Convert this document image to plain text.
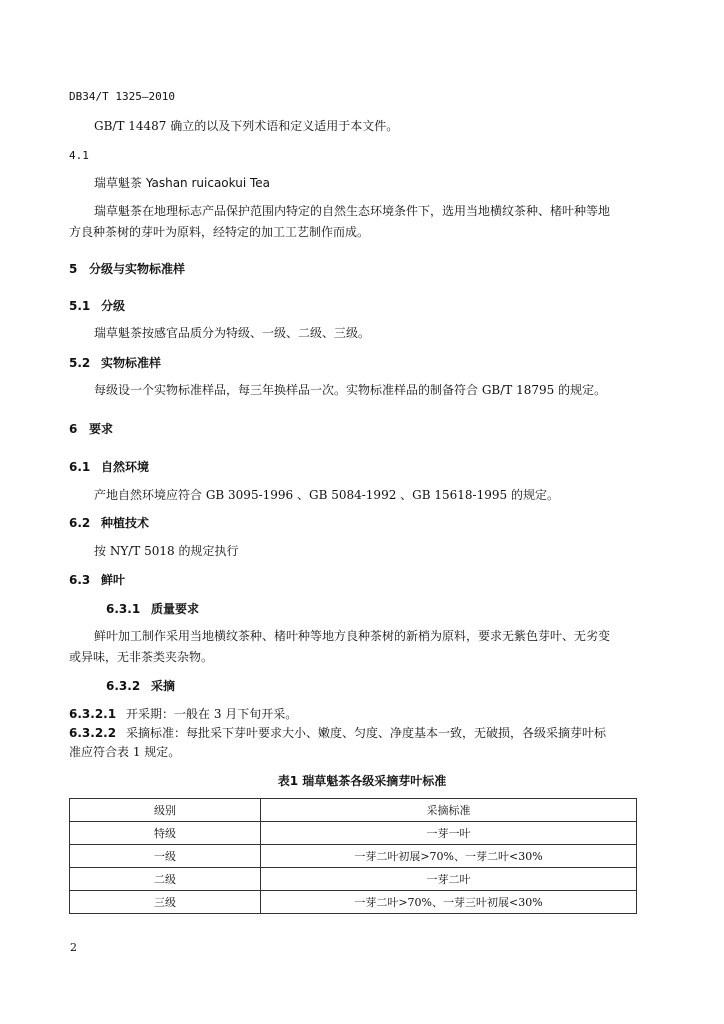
DB34/T 1325—2010
GB/T 14487 确立的以及下列术语和定义适用于本文件。
4.1
瑞草魁茶 Yashan ruicaokui Tea
瑞草魁茶在地理标志产品保护范围内特定的自然生态环境条件下，选用当地横纹茶种、楮叶种等地
方良种茶树的芽叶为原料，经特定的加工工艺制作而成。
5 分级与实物标准样
5.1 分级
瑞草魁茶按感官品质分为特级、一级、二级、三级。
5.2 实物标准样
每级设一个实物标准样品，每三年换样品一次。实物标准样品的制备符合 GB/T 18795 的规定。
6 要求
6.1 自然环境
产地自然环境应符合 GB 3095-1996 、GB 5084-1992 、GB 15618-1995 的规定。
6.2 种植技术
按 NY/T 5018 的规定执行
6.3 鲜叶
6.3.1 质量要求
鲜叶加工制作采用当地横纹茶种、楮叶种等地方良种茶树的新梢为原料，要求无紫色芽叶、无劣变
或异味，无非茶类夹杂物。
6.3.2 采摘
6.3.2.1 开采期：一般在 3 月下旬开采。
6.3.2.2 采摘标准：每批采下芽叶要求大小、嫩度、匀度、净度基本一致，无破损，各级采摘芽叶标
准应符合表 1 规定。
表1 瑞草魁茶各级采摘芽叶标准
级别	采摘标准
特级	一芽一叶
一级	一芽二叶初展>70%、一芽二叶<30%
二级	一芽二叶
三级	一芽二叶>70%、一芽三叶初展<30%
2
